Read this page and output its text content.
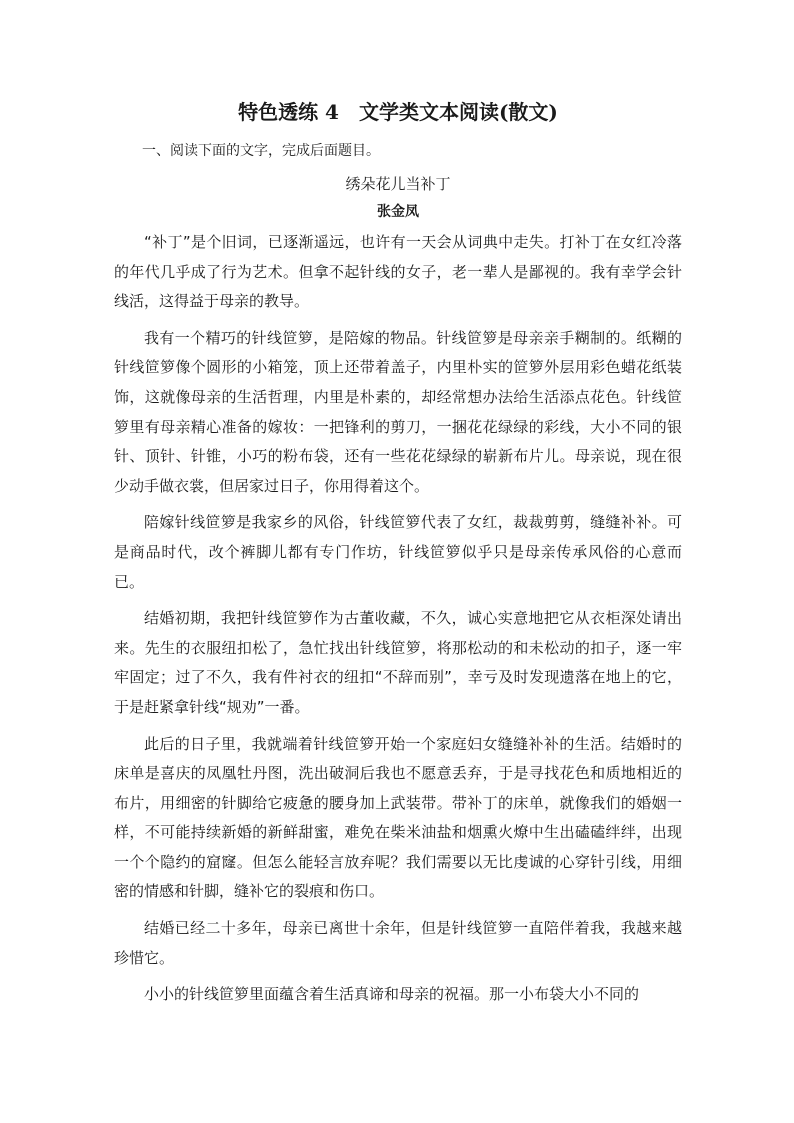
特色透练 4　文学类文本阅读(散文)

一、阅读下面的文字，完成后面题目。

绣朵花儿当补丁

张金凤

“补丁”是个旧词，已逐渐遥远，也许有一天会从词典中走失。打补丁在女红冷落的年代几乎成了行为艺术。但拿不起针线的女子，老一辈人是鄙视的。我有幸学会针线活，这得益于母亲的教导。

我有一个精巧的针线笸箩，是陪嫁的物品。针线笸箩是母亲亲手糊制的。纸糊的针线笸箩像个圆形的小箱笼，顶上还带着盖子，内里朴实的笸箩外层用彩色蜡花纸装饰，这就像母亲的生活哲理，内里是朴素的，却经常想办法给生活添点花色。针线笸箩里有母亲精心准备的嫁妆：一把锋利的剪刀，一捆花花绿绿的彩线，大小不同的银针、顶针、针锥，小巧的粉布袋，还有一些花花绿绿的崭新布片儿。母亲说，现在很少动手做衣裳，但居家过日子，你用得着这个。

陪嫁针线笸箩是我家乡的风俗，针线笸箩代表了女红，裁裁剪剪，缝缝补补。可是商品时代，改个裤脚儿都有专门作坊，针线笸箩似乎只是母亲传承风俗的心意而已。

结婚初期，我把针线笸箩作为古董收藏，不久，诚心实意地把它从衣柜深处请出来。先生的衣服纽扣松了，急忙找出针线笸箩，将那松动的和未松动的扣子，逐一牢牢固定；过了不久，我有件衬衣的纽扣“不辞而别”，幸亏及时发现遗落在地上的它，于是赶紧拿针线“规劝”一番。

此后的日子里，我就端着针线笸箩开始一个家庭妇女缝缝补补的生活。结婚时的床单是喜庆的凤凰牡丹图，洗出破洞后我也不愿意丢弃，于是寻找花色和质地相近的布片，用细密的针脚给它疲惫的腰身加上武装带。带补丁的床单，就像我们的婚姻一样，不可能持续新婚的新鲜甜蜜，难免在柴米油盐和烟熏火燎中生出磕磕绊绊，出现一个个隐约的窟窿。但怎么能轻言放弃呢？我们需要以无比虔诚的心穿针引线，用细密的情感和针脚，缝补它的裂痕和伤口。

结婚已经二十多年，母亲已离世十余年，但是针线笸箩一直陪伴着我，我越来越珍惜它。

小小的针线笸箩里面蕴含着生活真谛和母亲的祝福。那一小布袋大小不同的
